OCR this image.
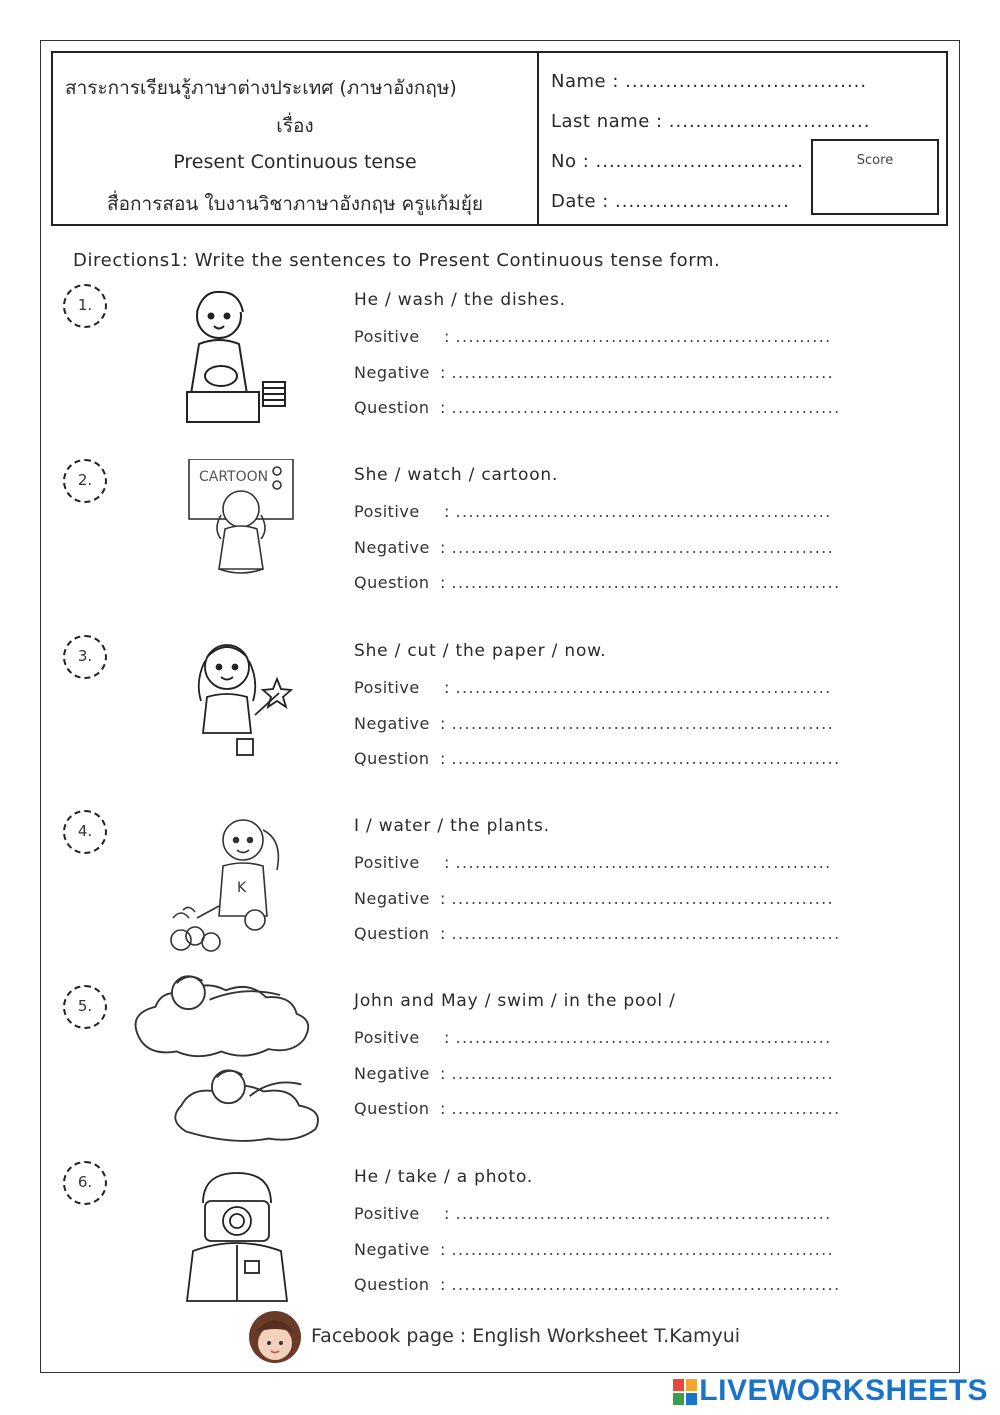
สาระการเรียนรู้ภาษาต่างประเทศ (ภาษาอังกฤษ)
เรื่อง
Present Continuous tense
สื่อการสอน ใบงานวิชาภาษาอังกฤษ ครูแก้มยุ้ย
Name : ....................................
Last name : ..............................
No : ...............................
Date : ..........................
Score
Directions1: Write the sentences to Present Continuous tense form.
1.	He / wash / the dishes.
Positive : ..........................................................
Negative : ...........................................................
Question : ............................................................
2.	CARTOON	She / watch / cartoon.
Positive : ..........................................................
Negative : ...........................................................
Question : ............................................................
3.	She / cut / the paper / now.
Positive : ..........................................................
Negative : ...........................................................
Question : ............................................................
4.
K
I / water / the plants.
Positive : ..........................................................
Negative : ...........................................................
Question : ............................................................
5.	John and May / swim / in the pool /
Positive : ..........................................................
Negative : ...........................................................
Question : ............................................................
6.	He / take / a photo.
Positive : ..........................................................
Negative : ...........................................................
Question : ............................................................
Facebook page : English Worksheet T.Kamyui
LIVEWORKSHEETS
